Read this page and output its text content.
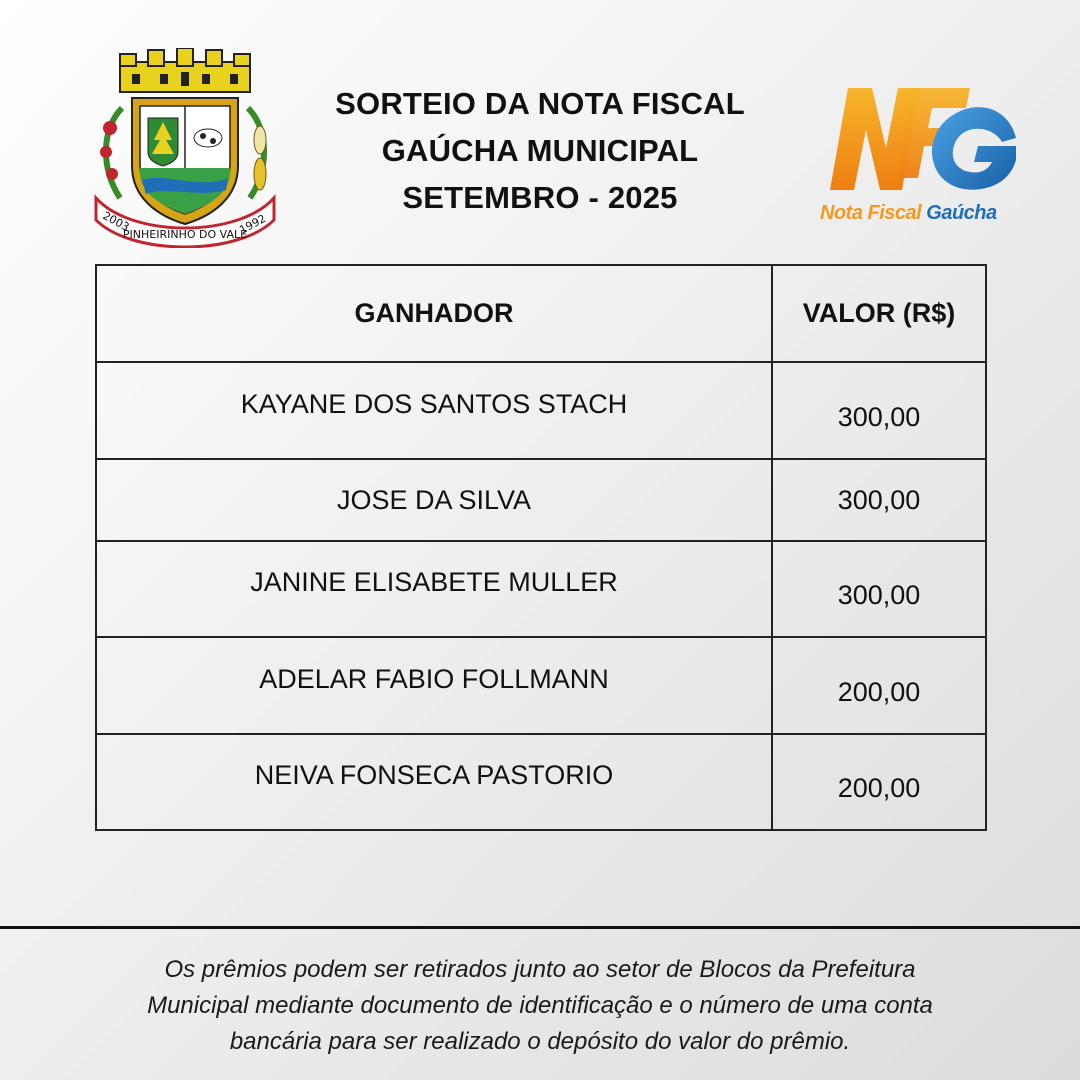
2003
PINHEIRINHO DO VALE
1992
SORTEIO DA NOTA FISCAL
GAÚCHA MUNICIPAL
SETEMBRO - 2025	Nota Fiscal Gaúcha
GANHADOR	VALOR (R$)
KAYANE DOS SANTOS STACH	300,00
JOSE DA SILVA	300,00
JANINE ELISABETE MULLER	300,00
ADELAR FABIO FOLLMANN	200,00
NEIVA FONSECA PASTORIO	200,00
Os prêmios podem ser retirados junto ao setor de Blocos da Prefeitura
Municipal mediante documento de identificação e o número de uma conta
bancária para ser realizado o depósito do valor do prêmio.
